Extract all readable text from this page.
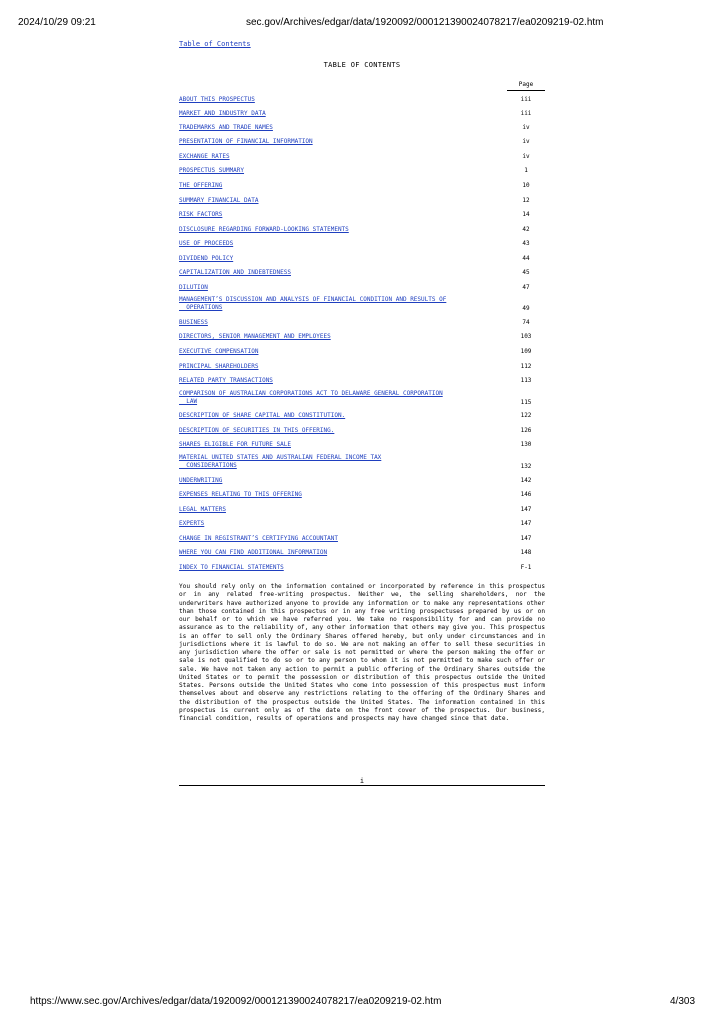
2024/10/29 09:21	sec.gov/Archives/edgar/data/1920092/000121390024078217/ea0209219-02.htm
Table of Contents
TABLE OF CONTENTS
Page
ABOUT THIS PROSPECTUS	iii
MARKET AND INDUSTRY DATA	iii
TRADEMARKS AND TRADE NAMES	iv
PRESENTATION OF FINANCIAL INFORMATION	iv
EXCHANGE RATES	iv
PROSPECTUS SUMMARY	1
THE OFFERING	10
SUMMARY FINANCIAL DATA	12
RISK FACTORS	14
DISCLOSURE REGARDING FORWARD-LOOKING STATEMENTS	42
USE OF PROCEEDS	43
DIVIDEND POLICY	44
CAPITALIZATION AND INDEBTEDNESS	45
DILUTION	47
MANAGEMENT’S DISCUSSION AND ANALYSIS OF FINANCIAL CONDITION AND RESULTS OF
OPERATIONS	49
BUSINESS	74
DIRECTORS, SENIOR MANAGEMENT AND EMPLOYEES	103
EXECUTIVE COMPENSATION	109
PRINCIPAL SHAREHOLDERS	112
RELATED PARTY TRANSACTIONS	113
COMPARISON OF AUSTRALIAN CORPORATIONS ACT TO DELAWARE GENERAL CORPORATION
LAW	115
DESCRIPTION OF SHARE CAPITAL AND CONSTITUTION.	122
DESCRIPTION OF SECURITIES IN THIS OFFERING.	126
SHARES ELIGIBLE FOR FUTURE SALE	130
MATERIAL UNITED STATES AND AUSTRALIAN FEDERAL INCOME TAX
CONSIDERATIONS	132
UNDERWRITING	142
EXPENSES RELATING TO THIS OFFERING	146
LEGAL MATTERS	147
EXPERTS	147
CHANGE IN REGISTRANT’S CERTIFYING ACCOUNTANT	147
WHERE YOU CAN FIND ADDITIONAL INFORMATION	148
INDEX TO FINANCIAL STATEMENTS	F-1
You should rely only on the information contained or incorporated by reference in this prospectus or in any related free-writing prospectus. Neither we, the selling shareholders, nor the underwriters have authorized anyone to provide any information or to make any representations other than those contained in this prospectus or in any free writing prospectuses prepared by us or on our behalf or to which we have referred you. We take no responsibility for and can provide no assurance as to the reliability of, any other information that others may give you. This prospectus is an offer to sell only the Ordinary Shares offered hereby, but only under circumstances and in jurisdictions where it is lawful to do so. We are not making an offer to sell these securities in any jurisdiction where the offer or sale is not permitted or where the person making the offer or sale is not qualified to do so or to any person to whom it is not permitted to make such offer or sale. We have not taken any action to permit a public offering of the Ordinary Shares outside the United States or to permit the possession or distribution of this prospectus outside the United States. Persons outside the United States who come into possession of this prospectus must inform themselves about and observe any restrictions relating to the offering of the Ordinary Shares and the distribution of the prospectus outside the United States. The information contained in this prospectus is current only as of the date on the front cover of the prospectus. Our business, financial condition, results of operations and prospects may have changed since that date.
i
https://www.sec.gov/Archives/edgar/data/1920092/000121390024078217/ea0209219-02.htm	4/303
